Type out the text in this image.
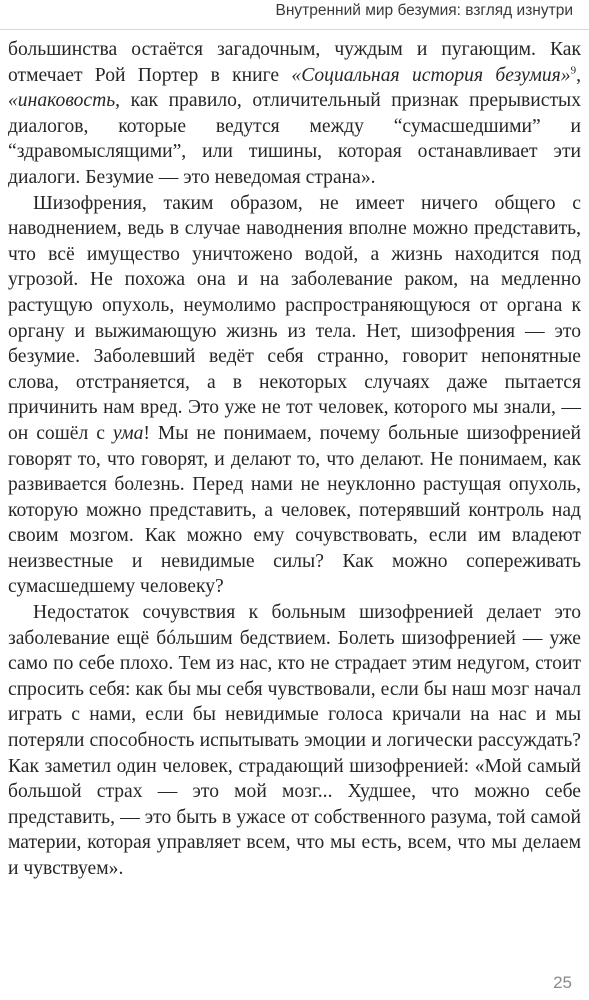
Внутренний мир безумия: взгляд изнутри

большинства остаётся загадочным, чуждым и пугающим. Как отмечает Рой Портер в книге «Социальная история безумия»$^9$, «инаковость, как правило, отличительный признак прерывистых диалогов, которые ведутся между “сумасшедшими” и “здравомыслящими”, или тишины, которая останавливает эти диалоги. Безумие — это неведомая страна».

Шизофрения, таким образом, не имеет ничего общего с наводнением, ведь в случае наводнения вполне можно представить, что всё имущество уничтожено водой, а жизнь находится под угрозой. Не похожа она и на заболевание раком, на медленно растущую опухоль, неумолимо распространяющуюся от органа к органу и выжимающую жизнь из тела. Нет, шизофрения — это безумие. Заболевший ведёт себя странно, говорит непонятные слова, отстраняется, а в некоторых случаях даже пытается причинить нам вред. Это уже не тот человек, которого мы знали, — он сошёл с ума! Мы не понимаем, почему больные шизофренией говорят то, что говорят, и делают то, что делают. Не понимаем, как развивается болезнь. Перед нами не неуклонно растущая опухоль, которую можно представить, а человек, потерявший контроль над своим мозгом. Как можно ему сочувствовать, если им владеют неизвестные и невидимые силы? Как можно сопереживать сумасшедшему человеку?

Недостаток сочувствия к больным шизофренией делает это заболевание ещё бóльшим бедствием. Болеть шизофренией — уже само по себе плохо. Тем из нас, кто не страдает этим недугом, стоит спросить себя: как бы мы себя чувствовали, если бы наш мозг начал играть с нами, если бы невидимые голоса кричали на нас и мы потеряли способность испытывать эмоции и логически рассуждать? Как заметил один человек, страдающий шизофренией: «Мой самый большой страх — это мой мозг... Худшее, что можно себе представить, — это быть в ужасе от собственного разума, той самой материи, которая управляет всем, что мы есть, всем, что мы делаем и чувствуем».

25
